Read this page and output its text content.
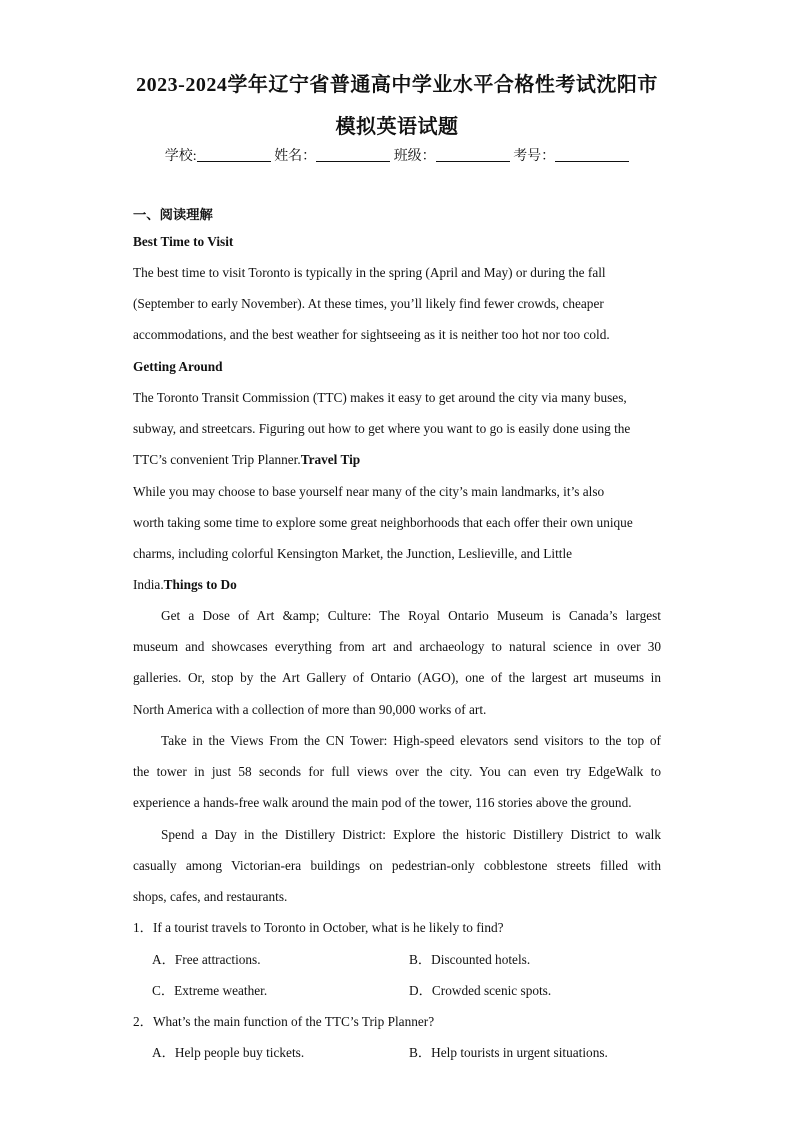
2023-2024学年辽宁省普通高中学业水平合格性考试沈阳市
模拟英语试题
学校:	姓名：	班级：	考号：
一、阅读理解
Best Time to Visit
The best time to visit Toronto is typically in the spring (April and May) or during the fall
(September to early November). At these times, you’ll likely find fewer crowds, cheaper
accommodations, and the best weather for sightseeing as it is neither too hot nor too cold.
Getting Around
The Toronto Transit Commission (TTC) makes it easy to get around the city via many buses,
subway, and streetcars. Figuring out how to get where you want to go is easily done using the
TTC’s convenient Trip Planner.Travel Tip
While you may choose to base yourself near many of the city’s main landmarks, it’s also
worth taking some time to explore some great neighborhoods that each offer their own unique
charms, including colorful Kensington Market, the Junction, Leslieville, and Little
India.Things to Do
Get a Dose of Art &amp; Culture: The Royal Ontario Museum is Canada’s largest
museum and showcases everything from art and archaeology to natural science in over 30
galleries. Or, stop by the Art Gallery of Ontario (AGO), one of the largest art museums in
North America with a collection of more than 90,000 works of art.
Take in the Views From the CN Tower: High-speed elevators send visitors to the top of
the tower in just 58 seconds for full views over the city. You can even try EdgeWalk to
experience a hands-free walk around the main pod of the tower, 116 stories above the ground.
Spend a Day in the Distillery District: Explore the historic Distillery District to walk
casually among Victorian-era buildings on pedestrian-only cobblestone streets filled with
shops, cafes, and restaurants.
1．If a tourist travels to Toronto in October, what is he likely to find?
A．Free attractions.	B．Discounted hotels.
C．Extreme weather.	D．Crowded scenic spots.
2．What’s the main function of the TTC’s Trip Planner?
A．Help people buy tickets.	B．Help tourists in urgent situations.
